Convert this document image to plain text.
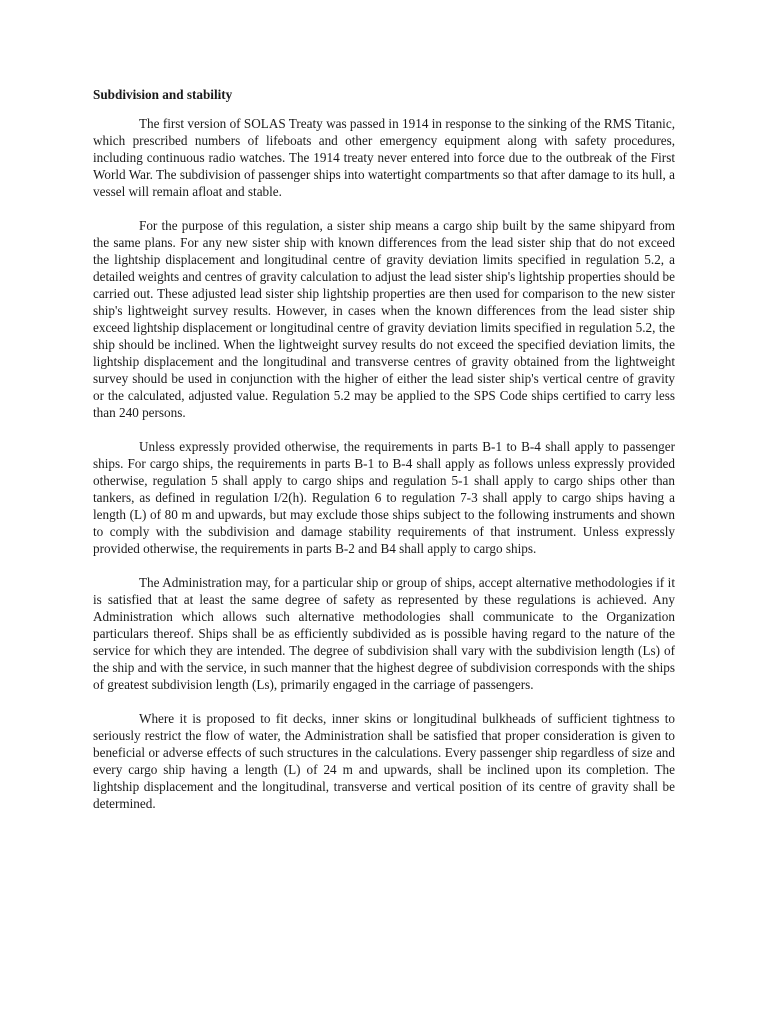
Subdivision and stability

The first version of SOLAS Treaty was passed in 1914 in response to the sinking of the RMS Titanic, which prescribed numbers of lifeboats and other emergency equipment along with safety procedures, including continuous radio watches. The 1914 treaty never entered into force due to the outbreak of the First World War. The subdivision of passenger ships into watertight compartments so that after damage to its hull, a vessel will remain afloat and stable.

For the purpose of this regulation, a sister ship means a cargo ship built by the same shipyard from the same plans. For any new sister ship with known differences from the lead sister ship that do not exceed the lightship displacement and longitudinal centre of gravity deviation limits specified in regulation 5.2, a detailed weights and centres of gravity calculation to adjust the lead sister ship's lightship properties should be carried out. These adjusted lead sister ship lightship properties are then used for comparison to the new sister ship's lightweight survey results. However, in cases when the known differences from the lead sister ship exceed lightship displacement or longitudinal centre of gravity deviation limits specified in regulation 5.2, the ship should be inclined. When the lightweight survey results do not exceed the specified deviation limits, the lightship displacement and the longitudinal and transverse centres of gravity obtained from the lightweight survey should be used in conjunction with the higher of either the lead sister ship's vertical centre of gravity or the calculated, adjusted value. Regulation 5.2 may be applied to the SPS Code ships certified to carry less than 240 persons.

Unless expressly provided otherwise, the requirements in parts B-1 to B-4 shall apply to passenger ships. For cargo ships, the requirements in parts B-1 to B-4 shall apply as follows unless expressly provided otherwise, regulation 5 shall apply to cargo ships and regulation 5-1 shall apply to cargo ships other than tankers, as defined in regulation I/2(h). Regulation 6 to regulation 7-3 shall apply to cargo ships having a length (L) of 80 m and upwards, but may exclude those ships subject to the following instruments and shown to comply with the subdivision and damage stability requirements of that instrument. Unless expressly provided otherwise, the requirements in parts B-2 and B4 shall apply to cargo ships.

The Administration may, for a particular ship or group of ships, accept alternative methodologies if it is satisfied that at least the same degree of safety as represented by these regulations is achieved. Any Administration which allows such alternative methodologies shall communicate to the Organization particulars thereof. Ships shall be as efficiently subdivided as is possible having regard to the nature of the service for which they are intended. The degree of subdivision shall vary with the subdivision length (Ls) of the ship and with the service, in such manner that the highest degree of subdivision corresponds with the ships of greatest subdivision length (Ls), primarily engaged in the carriage of passengers.

Where it is proposed to fit decks, inner skins or longitudinal bulkheads of sufficient tightness to seriously restrict the flow of water, the Administration shall be satisfied that proper consideration is given to beneficial or adverse effects of such structures in the calculations. Every passenger ship regardless of size and every cargo ship having a length (L) of 24 m and upwards, shall be inclined upon its completion. The lightship displacement and the longitudinal, transverse and vertical position of its centre of gravity shall be determined.
